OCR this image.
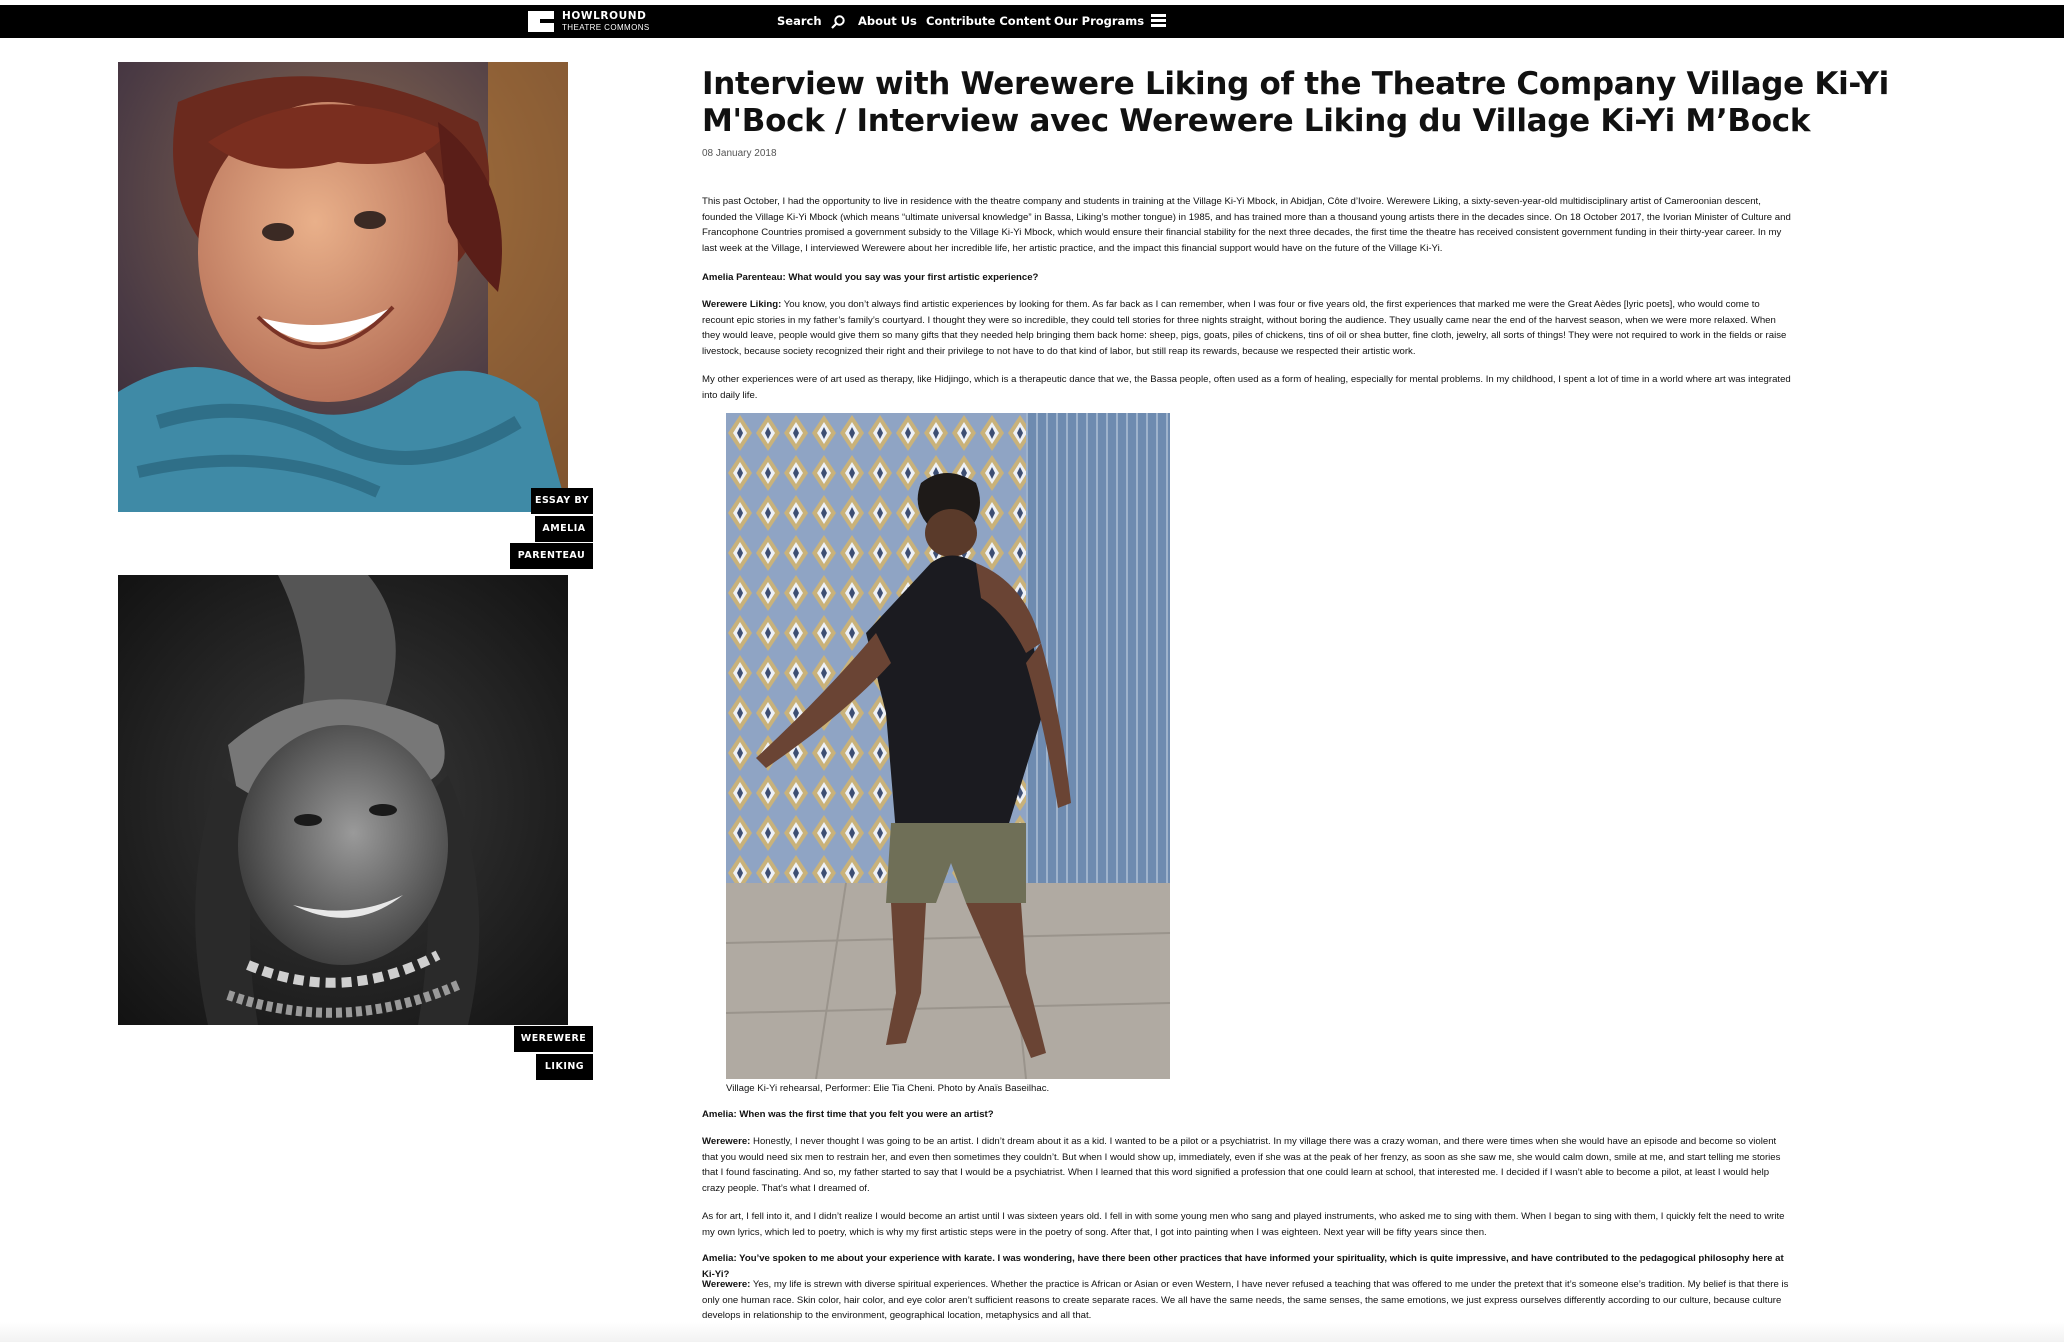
HOWLROUND
THEATRE COMMONS	Search	About Us Contribute Content Our Programs
ESSAY BY
AMELIA
PARENTEAU
WEREWERE
LIKING
Interview with Werewere Liking of the Theatre Company Village Ki-Yi M'Bock / Interview avec Werewere Liking du Village Ki-Yi M’Bock
08 January 2018

This past October, I had the opportunity to live in residence with the theatre company and students in training at the Village Ki-Yi Mbock, in Abidjan, Côte d’Ivoire. Werewere Liking, a sixty-seven-year-old multidisciplinary artist of Cameroonian descent, founded the Village Ki-Yi Mbock (which means “ultimate universal knowledge” in Bassa, Liking’s mother tongue) in 1985, and has trained more than a thousand young artists there in the decades since. On 18 October 2017, the Ivorian Minister of Culture and Francophone Countries promised a government subsidy to the Village Ki-Yi Mbock, which would ensure their financial stability for the next three decades, the first time the theatre has received consistent government funding in their thirty-year career. In my last week at the Village, I interviewed Werewere about her incredible life, her artistic practice, and the impact this financial support would have on the future of the Village Ki-Yi.

Amelia Parenteau: What would you say was your first artistic experience?

Werewere Liking: You know, you don’t always find artistic experiences by looking for them. As far back as I can remember, when I was four or five years old, the first experiences that marked me were the Great Aèdes [lyric poets], who would come to recount epic stories in my father’s family’s courtyard. I thought they were so incredible, they could tell stories for three nights straight, without boring the audience. They usually came near the end of the harvest season, when we were more relaxed. When they would leave, people would give them so many gifts that they needed help bringing them back home: sheep, pigs, goats, piles of chickens, tins of oil or shea butter, fine cloth, jewelry, all sorts of things! They were not required to work in the fields or raise livestock, because society recognized their right and their privilege to not have to do that kind of labor, but still reap its rewards, because we respected their artistic work.

My other experiences were of art used as therapy, like Hidjingo, which is a therapeutic dance that we, the Bassa people, often used as a form of healing, especially for mental problems. In my childhood, I spent a lot of time in a world where art was integrated into daily life.

Village Ki-Yi rehearsal, Performer: Elie Tia Cheni. Photo by Anaïs Baseilhac.

Amelia: When was the first time that you felt you were an artist?

Werewere: Honestly, I never thought I was going to be an artist. I didn’t dream about it as a kid. I wanted to be a pilot or a psychiatrist. In my village there was a crazy woman, and there were times when she would have an episode and become so violent that you would need six men to restrain her, and even then sometimes they couldn’t. But when I would show up, immediately, even if she was at the peak of her frenzy, as soon as she saw me, she would calm down, smile at me, and start telling me stories that I found fascinating. And so, my father started to say that I would be a psychiatrist. When I learned that this word signified a profession that one could learn at school, that interested me. I decided if I wasn’t able to become a pilot, at least I would help crazy people. That’s what I dreamed of.

As for art, I fell into it, and I didn’t realize I would become an artist until I was sixteen years old. I fell in with some young men who sang and played instruments, who asked me to sing with them. When I began to sing with them, I quickly felt the need to write my own lyrics, which led to poetry, which is why my first artistic steps were in the poetry of song. After that, I got into painting when I was eighteen. Next year will be fifty years since then.

Amelia: You’ve spoken to me about your experience with karate. I was wondering, have there been other practices that have informed your spirituality, which is quite impressive, and have contributed to the pedagogical philosophy here at Ki-Yi?

Werewere: Yes, my life is strewn with diverse spiritual experiences. Whether the practice is African or Asian or even Western, I have never refused a teaching that was offered to me under the pretext that it’s someone else’s tradition. My belief is that there is only one human race. Skin color, hair color, and eye color aren’t sufficient reasons to create separate races. We all have the same needs, the same senses, the same emotions, we just express ourselves differently according to our culture, because culture develops in relationship to the environment, geographical location, metaphysics and all that.
